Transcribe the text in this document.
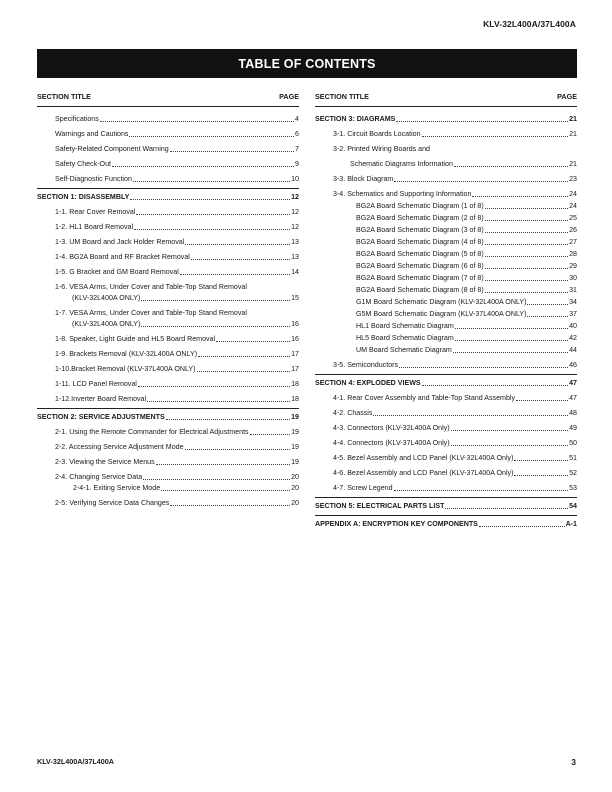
KLV-32L400A/37L400A
TABLE OF CONTENTS
SECTION TITLE	PAGE
Specifications	4
Warnings and Cautions	6
Safety-Related Component Warning	7
Safety Check-Out	9
Self-Diagnostic Function	10
SECTION 1: DISASSEMBLY	12
1-1. Rear Cover Removal	12
1-2. HL1 Board Removal	12
1-3. UM Board and Jack Holder Removal	13
1-4. BG2A Board and RF Bracket Removal	13
1-5. G Bracket and GM Board Removal	14
1-6. VESA Arms, Under Cover and Table-Top Stand Removal
(KLV-32L400A ONLY)	15
1-7. VESA Arms, Under Cover and Table-Top Stand Removal
(KLV-32L400A ONLY)	16
1-8. Speaker, Light Guide and HL5 Board Removal	16
1-9. Brackets Removal (KLV-32L400A ONLY)	17
1-10.Bracket Removal (KLV-37L400A ONLY)	17
1-11. LCD Panel Removal	18
1-12.Inverter Board Removal	18
SECTION 2: SERVICE ADJUSTMENTS	19
2-1. Using the Remote Commander for Electrical Adjustments	19
2-2. Accessing Service Adjustment Mode	19
2-3. Viewing the Service Menus	19
2-4. Changing Service Data	20
2-4-1. Exiting Service Mode	20
2-5: Verifying Service Data Changes	20
SECTION TITLE	PAGE
SECTION 3: DIAGRAMS	21
3-1. Circuit Boards Location	21
3-2. Printed Wiring Boards and
Schematic Diagrams Information	21
3-3. Block Diagram	23
3-4. Schematics and Supporting Information	24
BG2A Board Schematic Diagram (1 of 8)	24
BG2A Board Schematic Diagram (2 of 8)	25
BG2A Board Schematic Diagram (3 of 8)	26
BG2A Board Schematic Diagram (4 of 8)	27
BG2A Board Schematic Diagram (5 of 8)	28
BG2A Board Schematic Diagram (6 of 8)	29
BG2A Board Schematic Diagram (7 of 8)	30
BG2A Board Schematic Diagram (8 of 8)	31
G1M Board Schematic Diagram (KLV-32L400A ONLY)	34
G5M Board Schematic Diagram (KLV-37L400A ONLY)	37
HL1 Board Schematic Diagram	40
HL5 Board Schematic Diagram	42
UM Board Schematic Diagram	44
3-5. Semiconductors	46
SECTION 4: EXPLODED VIEWS	47
4-1. Rear Cover Assembly and Table-Top Stand Assembly	47
4-2. Chassis	48
4-3. Connectors (KLV-32L400A Only)	49
4-4. Connectors (KLV-37L400A Only)	50
4-5. Bezel Assembly and LCD Panel (KLV-32L400A Only)	51
4-6. Bezel Assembly and LCD Panel (KLV-37L400A Only)	52
4-7. Screw Legend	53
SECTION 5: ELECTRICAL PARTS LIST	54
APPENDIX A: ENCRYPTION KEY COMPONENTS	A-1
KLV-32L400A/37L400A	3
